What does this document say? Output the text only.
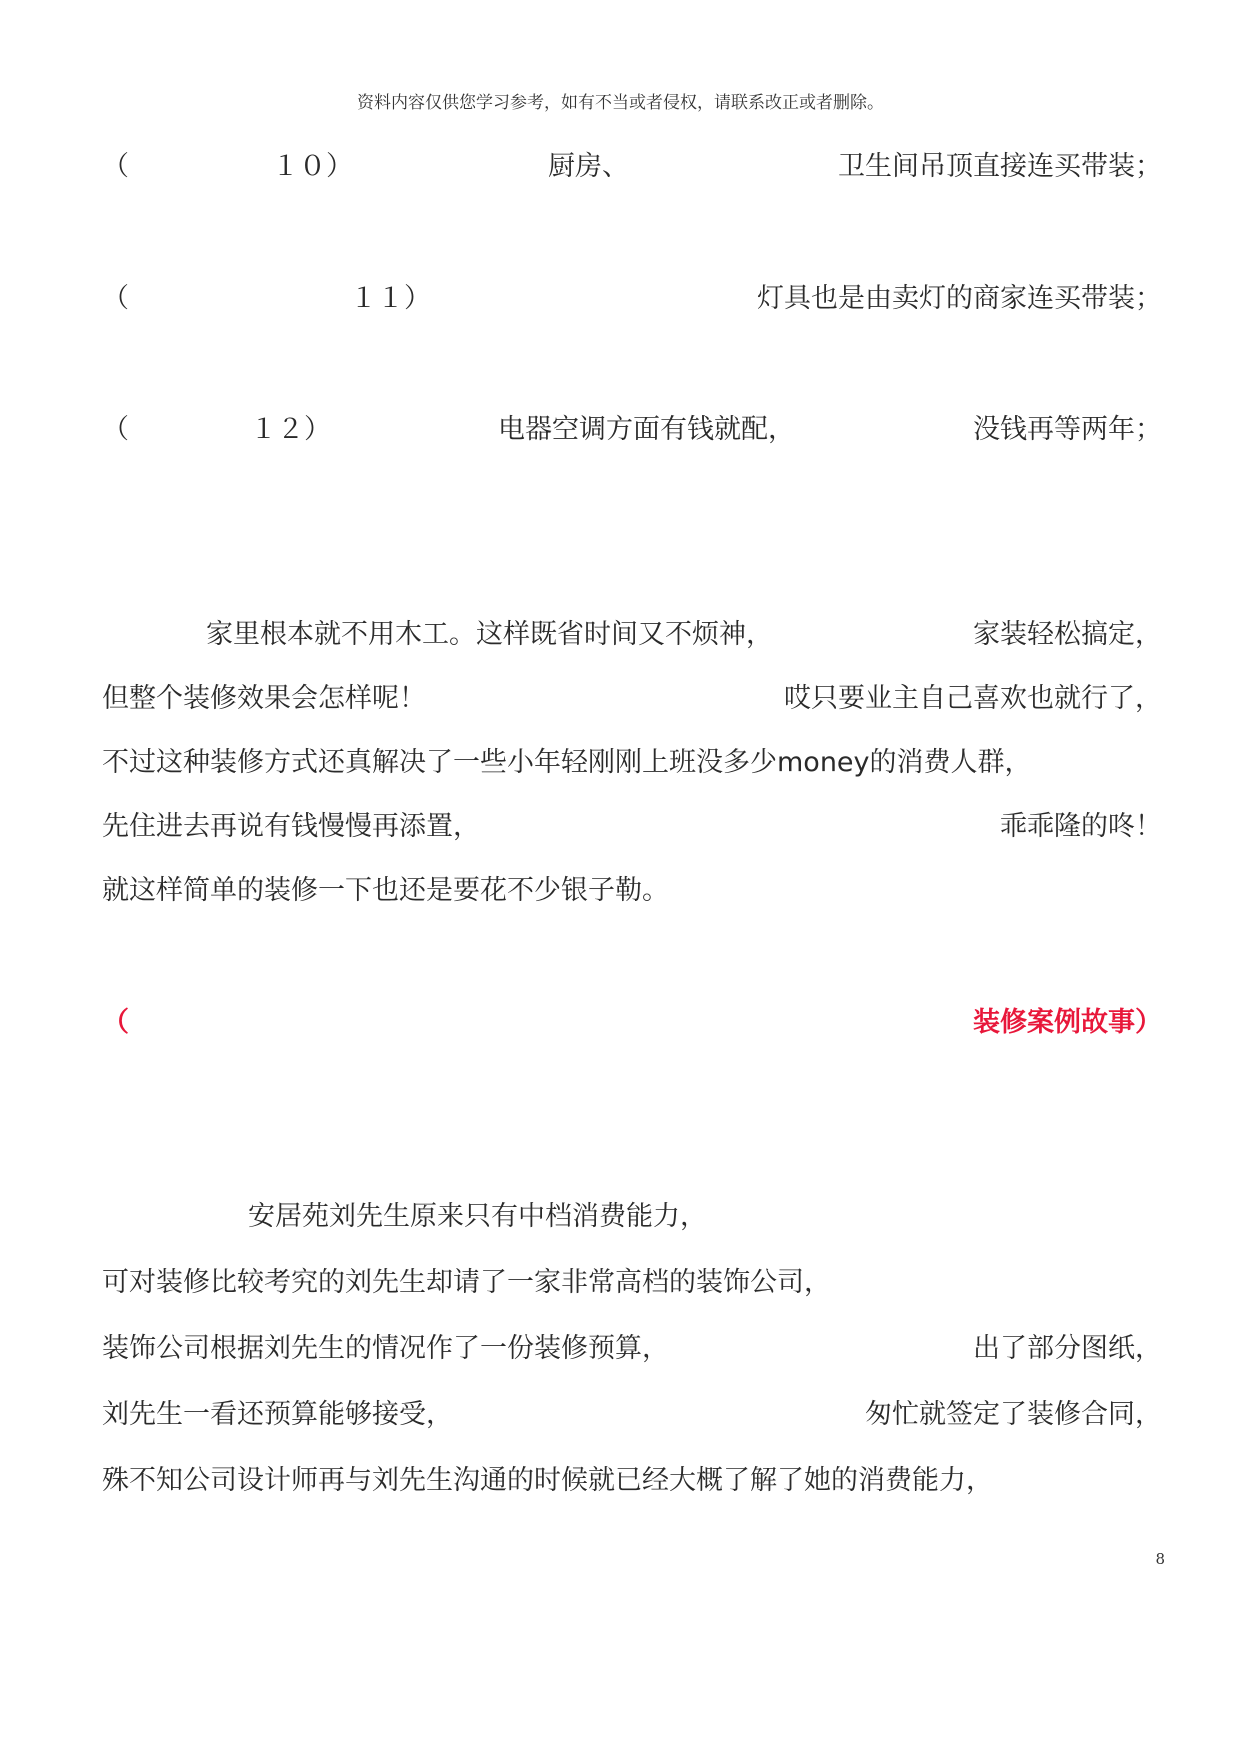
资料内容仅供您学习参考，如有不当或者侵权，请联系改正或者删除。
（	１０）	厨房、	卫生间吊顶直接连买带装；
（	１１）	灯具也是由卖灯的商家连买带装；
（	１２）	电器空调方面有钱就配，	没钱再等两年；
家里根本就不用木工。这样既省时间又不烦神，	家装轻松搞定，
但整个装修效果会怎样呢！	哎只要业主自己喜欢也就行了，
不过这种装修方式还真解决了一些小年轻刚刚上班没多少money的消费人群，
先住进去再说有钱慢慢再添置，	乖乖隆的咚！
就这样简单的装修一下也还是要花不少银子勒。
（	装修案例故事）
安居苑刘先生原来只有中档消费能力，
可对装修比较考究的刘先生却请了一家非常高档的装饰公司，
装饰公司根据刘先生的情况作了一份装修预算，	出了部分图纸，
刘先生一看还预算能够接受，	匆忙就签定了装修合同，
殊不知公司设计师再与刘先生沟通的时候就已经大概了解了她的消费能力，
8
